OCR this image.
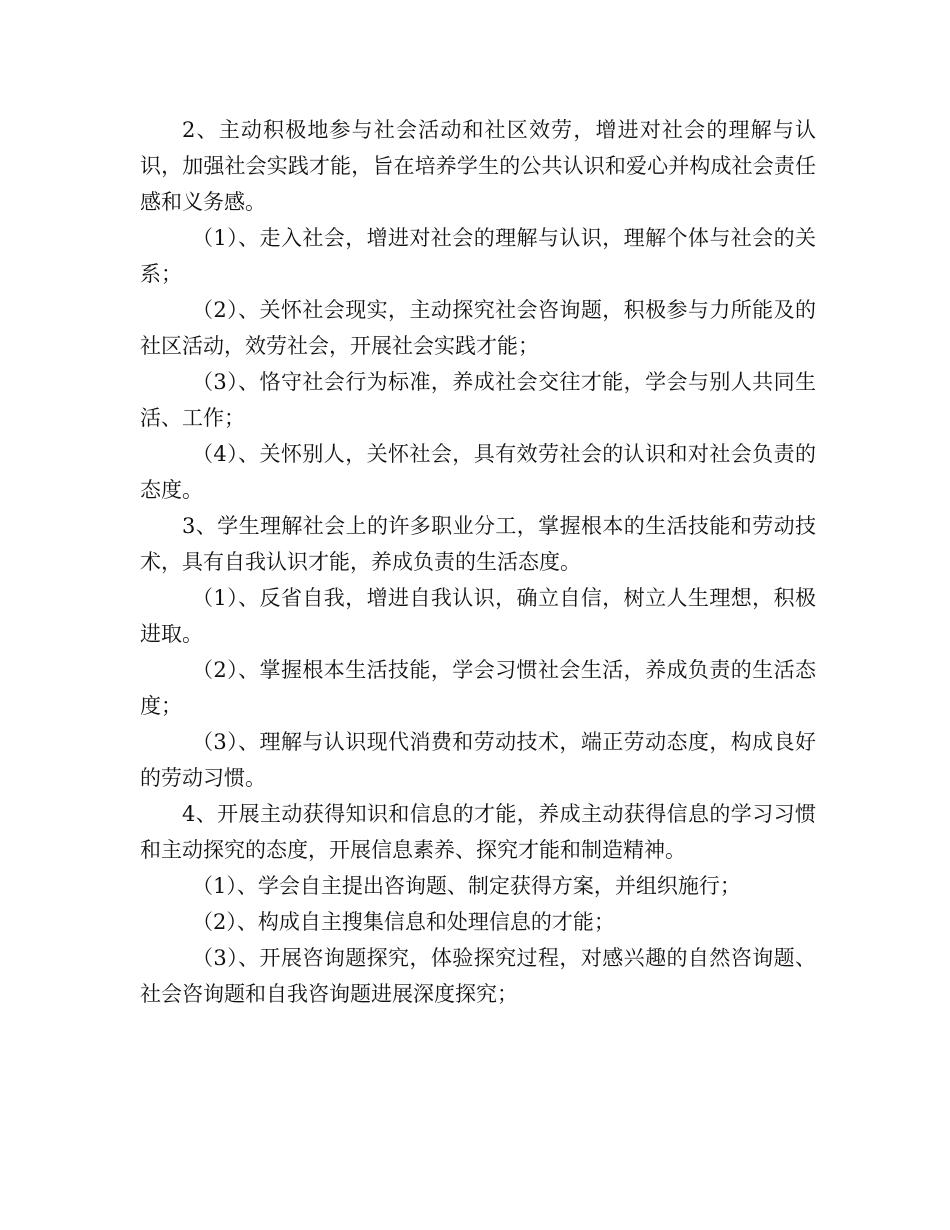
2、主动积极地参与社会活动和社区效劳，增进对社会的理解与认识，加强社会实践才能，旨在培养学生的公共认识和爱心并构成社会责任感和义务感。

（1）、走入社会，增进对社会的理解与认识，理解个体与社会的关系；

（2）、关怀社会现实，主动探究社会咨询题，积极参与力所能及的社区活动，效劳社会，开展社会实践才能；

（3）、恪守社会行为标准，养成社会交往才能，学会与别人共同生活、工作；

（4）、关怀别人，关怀社会，具有效劳社会的认识和对社会负责的态度。

3、学生理解社会上的许多职业分工，掌握根本的生活技能和劳动技术，具有自我认识才能，养成负责的生活态度。

（1）、反省自我，增进自我认识，确立自信，树立人生理想，积极进取。

（2）、掌握根本生活技能，学会习惯社会生活，养成负责的生活态度；

（3）、理解与认识现代消费和劳动技术，端正劳动态度，构成良好的劳动习惯。

4、开展主动获得知识和信息的才能，养成主动获得信息的学习习惯和主动探究的态度，开展信息素养、探究才能和制造精神。

（1）、学会自主提出咨询题、制定获得方案，并组织施行；

（2）、构成自主搜集信息和处理信息的才能；

（3）、开展咨询题探究，体验探究过程，对感兴趣的自然咨询题、社会咨询题和自我咨询题进展深度探究；
